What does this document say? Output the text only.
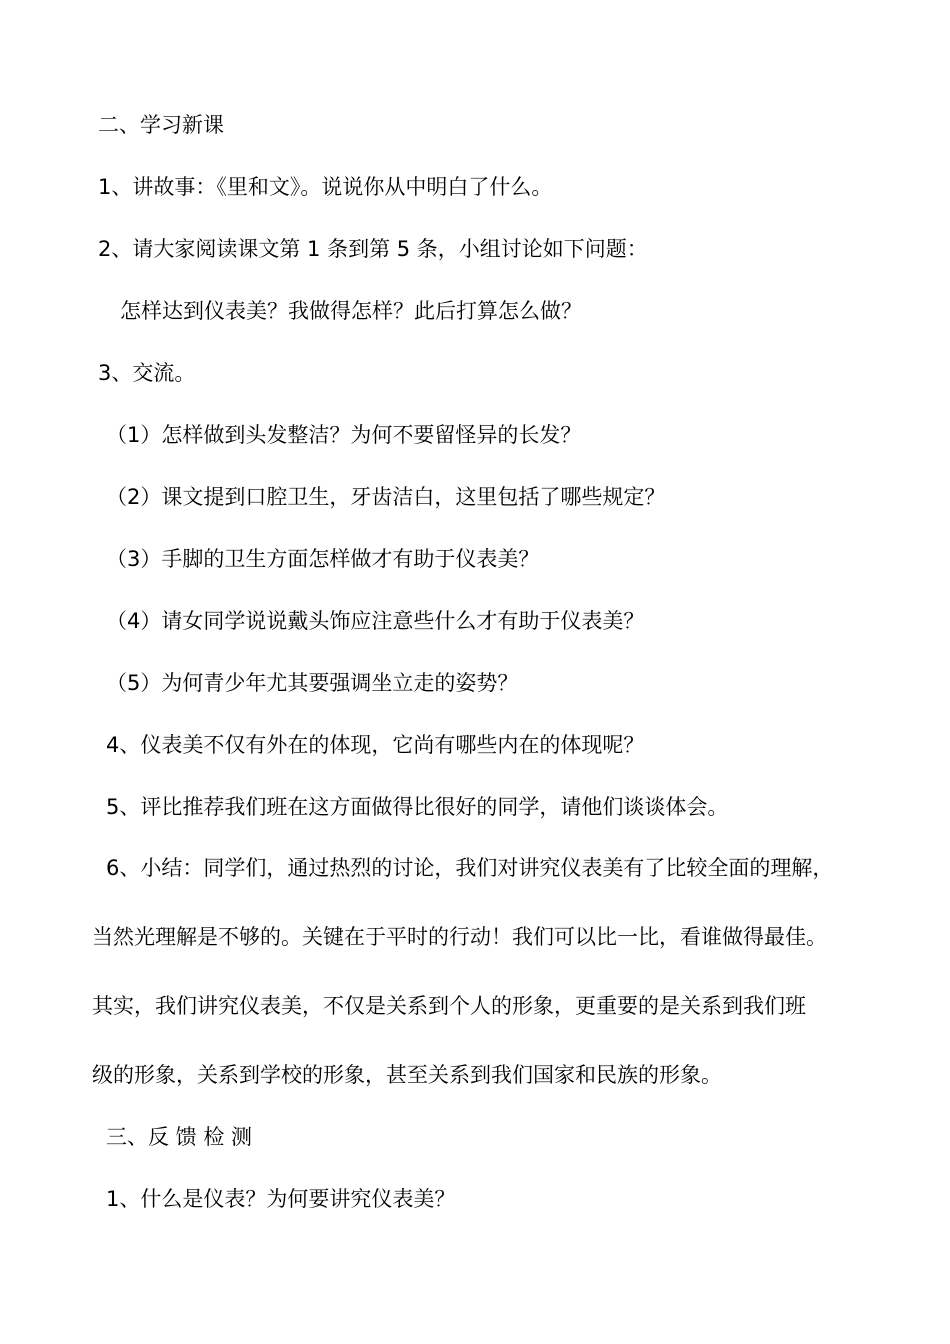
二、学习新课
1、讲故事：《里和文》。说说你从中明白了什么。
2、请大家阅读课文第 1 条到第 5 条，小组讨论如下问题：
怎样达到仪表美？我做得怎样？此后打算怎么做？
3、交流。
（1）怎样做到头发整洁？为何不要留怪异的长发？
（2）课文提到口腔卫生，牙齿洁白，这里包括了哪些规定？
（3）手脚的卫生方面怎样做才有助于仪表美？
（4）请女同学说说戴头饰应注意些什么才有助于仪表美？
（5）为何青少年尤其要强调坐立走的姿势？
4、仪表美不仅有外在的体现，它尚有哪些内在的体现呢？
5、评比推荐我们班在这方面做得比很好的同学，请他们谈谈体会。
6、小结：同学们，通过热烈的讨论，我们对讲究仪表美有了比较全面的理解，
当然光理解是不够的。关键在于平时的行动！我们可以比一比，看谁做得最佳。
其实，我们讲究仪表美，不仅是关系到个人的形象，更重要的是关系到我们班
级的形象，关系到学校的形象，甚至关系到我们国家和民族的形象。
三、反 馈 检 测
1、什么是仪表？为何要讲究仪表美？
